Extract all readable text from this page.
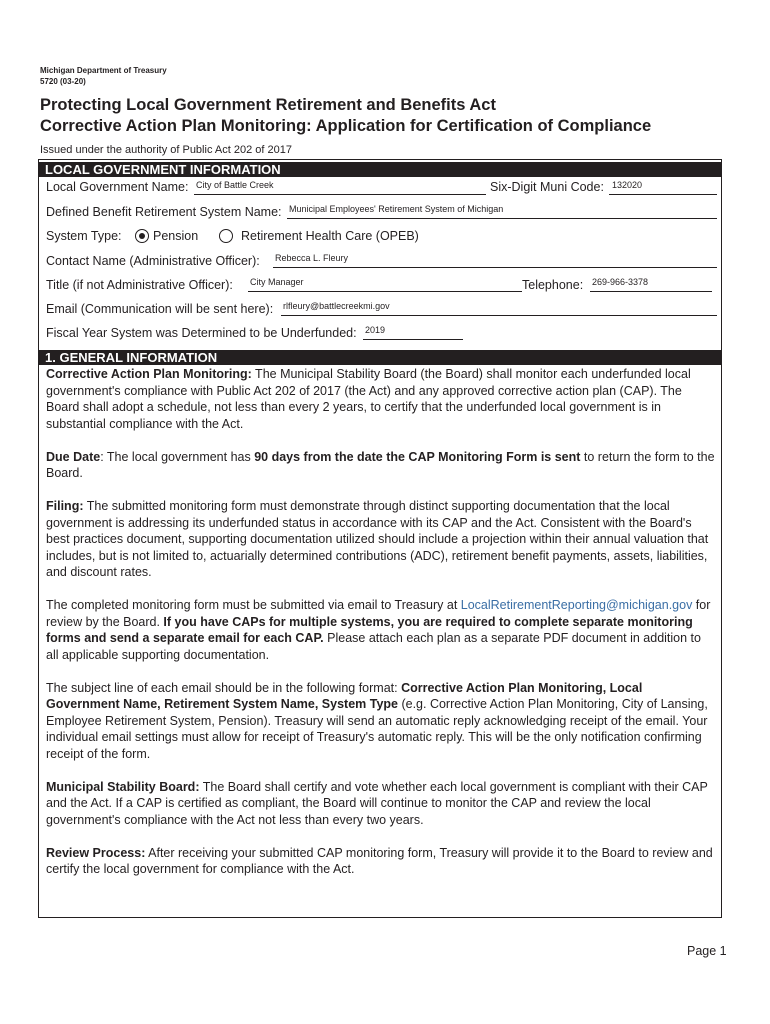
Michigan Department of Treasury
5720 (03-20)
Protecting Local Government Retirement and Benefits Act
Corrective Action Plan Monitoring: Application for Certification of Compliance
Issued under the authority of Public Act 202 of 2017
LOCAL GOVERNMENT INFORMATION
Local Government Name: City of Battle Creek	Six-Digit Muni Code: 132020
Defined Benefit Retirement System Name: Municipal Employees' Retirement System of Michigan
System Type:	Pension	Retirement Health Care (OPEB)
Contact Name (Administrative Officer): Rebecca L. Fleury
Title (if not Administrative Officer): City Manager	Telephone: 269-966-3378
Email (Communication will be sent here): rlfleury@battlecreekmi.gov
Fiscal Year System was Determined to be Underfunded: 2019
1. GENERAL INFORMATION

Corrective Action Plan Monitoring: The Municipal Stability Board (the Board) shall monitor each underfunded local government's compliance with Public Act 202 of 2017 (the Act) and any approved corrective action plan (CAP). The Board shall adopt a schedule, not less than every 2 years, to certify that the underfunded local government is in substantial compliance with the Act.

Due Date: The local government has 90 days from the date the CAP Monitoring Form is sent to return the form to the Board.

Filing: The submitted monitoring form must demonstrate through distinct supporting documentation that the local government is addressing its underfunded status in accordance with its CAP and the Act. Consistent with the Board's best practices document, supporting documentation utilized should include a projection within their annual valuation that includes, but is not limited to, actuarially determined contributions (ADC), retirement benefit payments, assets, liabilities, and discount rates.

The completed monitoring form must be submitted via email to Treasury at LocalRetirementReporting@michigan.gov for review by the Board. If you have CAPs for multiple systems, you are required to complete separate monitoring forms and send a separate email for each CAP. Please attach each plan as a separate PDF document in addition to all applicable supporting documentation.

The subject line of each email should be in the following format: Corrective Action Plan Monitoring, Local Government Name, Retirement System Name, System Type (e.g. Corrective Action Plan Monitoring, City of Lansing, Employee Retirement System, Pension). Treasury will send an automatic reply acknowledging receipt of the email. Your individual email settings must allow for receipt of Treasury's automatic reply. This will be the only notification confirming receipt of the form.

Municipal Stability Board: The Board shall certify and vote whether each local government is compliant with their CAP and the Act. If a CAP is certified as compliant, the Board will continue to monitor the CAP and review the local government's compliance with the Act not less than every two years.

Review Process: After receiving your submitted CAP monitoring form, Treasury will provide it to the Board to review and certify the local government for compliance with the Act.

Page 1
